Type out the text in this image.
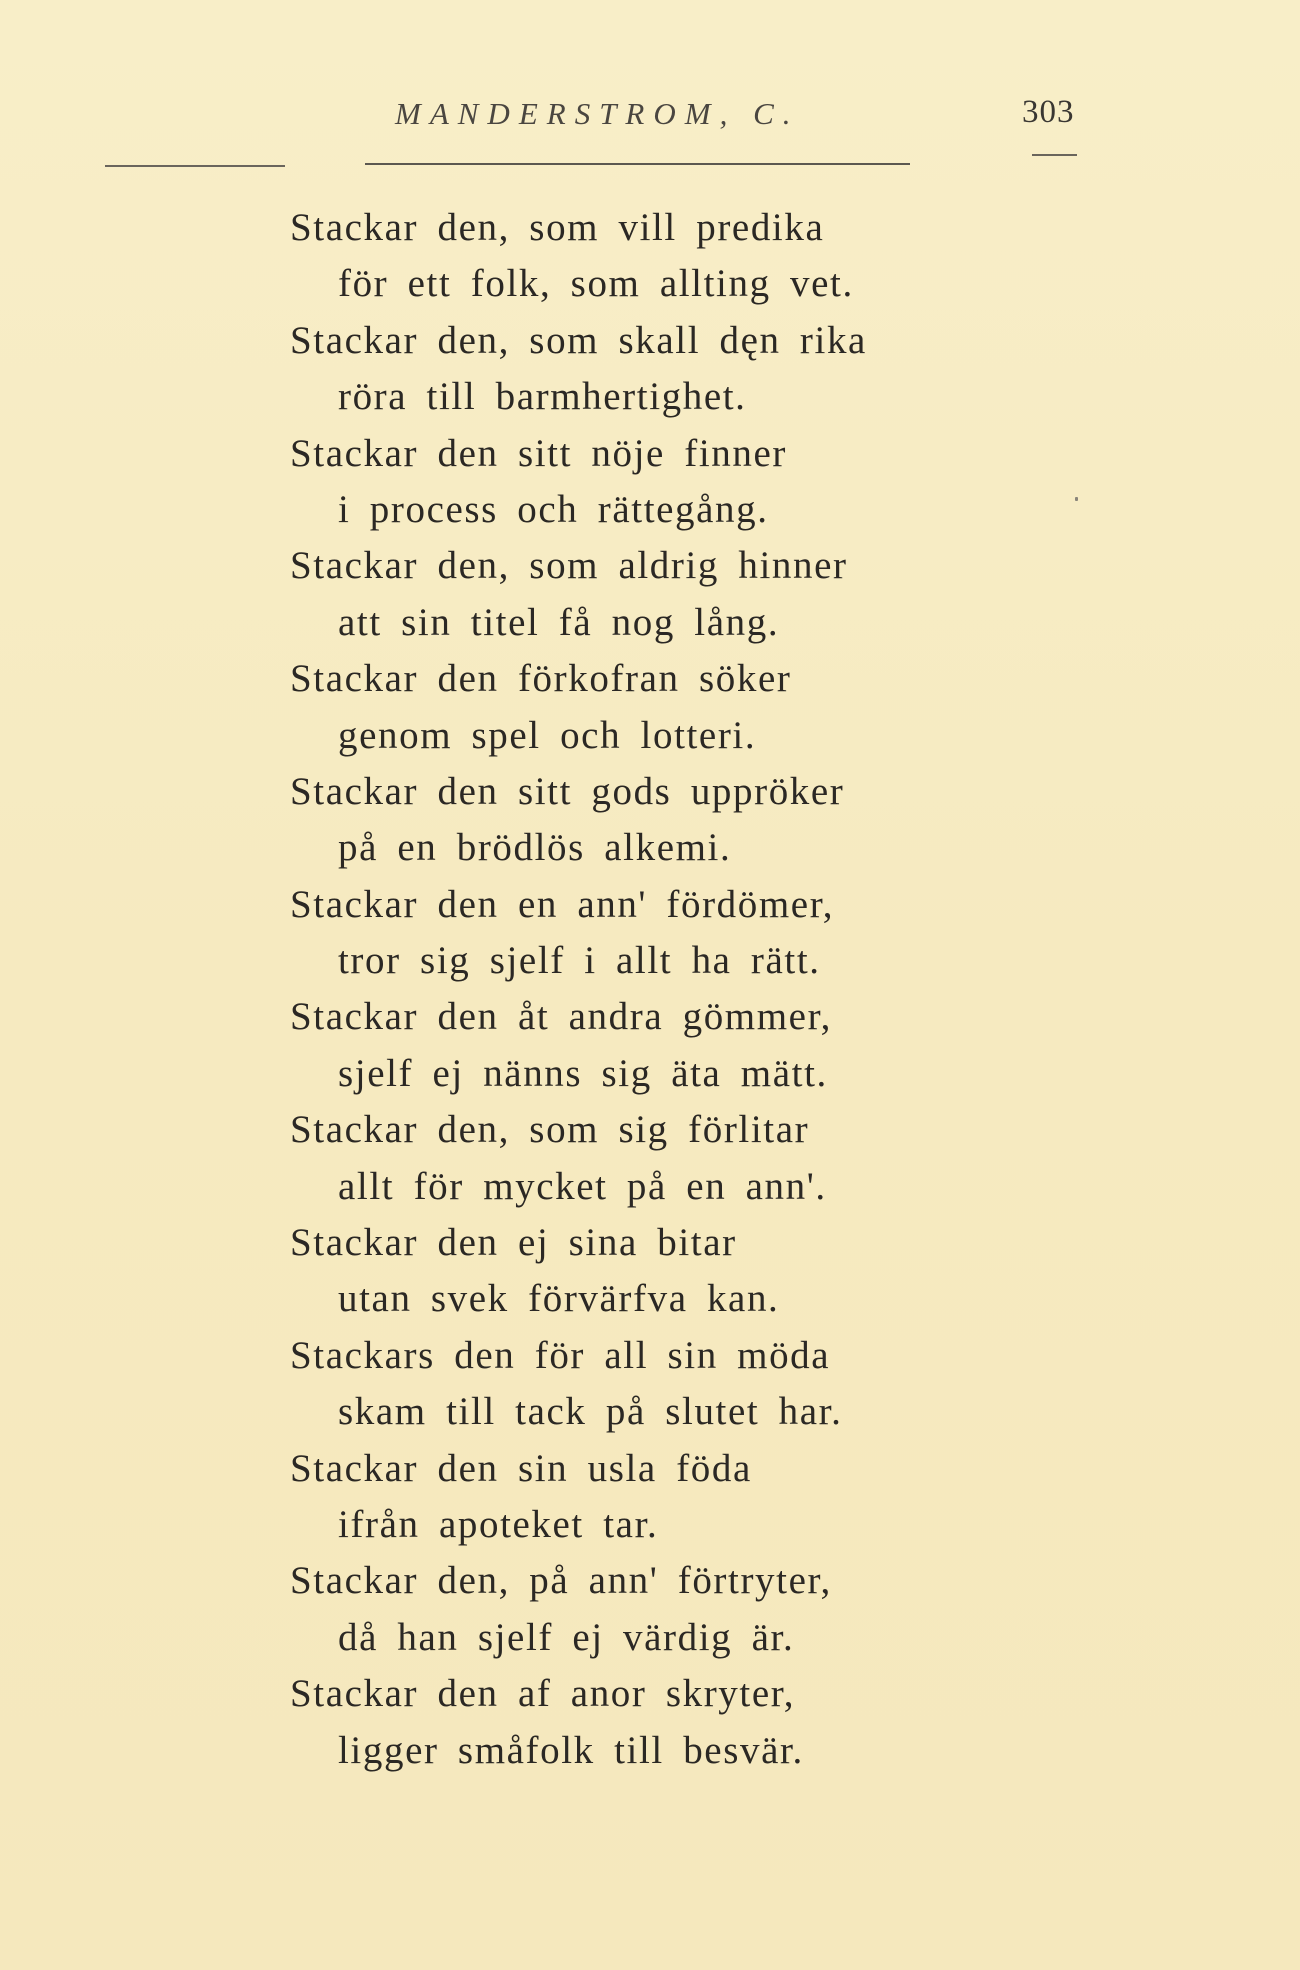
MANDERSTROM, C.	303
Stackar den, som vill predika
för ett folk, som allting vet.
Stackar den, som skall dęn rika
röra till barmhertighet.
Stackar den sitt nöje finner
i process och rättegång.
Stackar den, som aldrig hinner
att sin titel få nog lång.
Stackar den förkofran söker
genom spel och lotteri.
Stackar den sitt gods uppröker
på en brödlös alkemi.
Stackar den en ann' fördömer,
tror sig sjelf i allt ha rätt.
Stackar den åt andra gömmer,
sjelf ej nänns sig äta mätt.
Stackar den, som sig förlitar
allt för mycket på en ann'.
Stackar den ej sina bitar
utan svek förvärfva kan.
Stackars den för all sin möda
skam till tack på slutet har.
Stackar den sin usla föda
ifrån apoteket tar.
Stackar den, på ann' förtryter,
då han sjelf ej värdig är.
Stackar den af anor skryter,
ligger småfolk till besvär.
